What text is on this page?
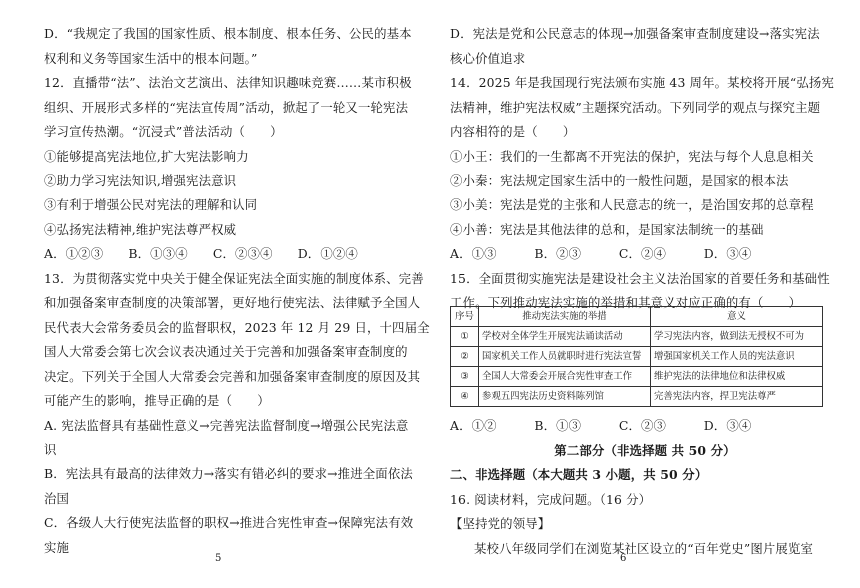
D．“我规定了我国的国家性质、根本制度、根本任务、公民的基本
权利和义务等国家生活中的根本问题。”
12．直播带“法”、法治文艺演出、法律知识趣味竞赛……某市积极
组织、开展形式多样的“宪法宣传周”活动，掀起了一轮又一轮宪法
学习宣传热潮。“沉浸式”普法活动（　　）
①能够提高宪法地位,扩大宪法影响力
②助力学习宪法知识,增强宪法意识
③有利于增强公民对宪法的理解和认同
④弘扬宪法精神,维护宪法尊严权威
A．①②③　　B．①③④　　C．②③④　　D．①②④
13．为贯彻落实党中央关于健全保证宪法全面实施的制度体系、完善
和加强备案审查制度的决策部署，更好地行使宪法、法律赋予全国人
民代表大会常务委员会的监督职权，2023 年 12 月 29 日，十四届全
国人大常委会第七次会议表决通过关于完善和加强备案审查制度的
决定。下列关于全国人大常委会完善和加强备案审查制度的原因及其
可能产生的影响，推导正确的是（　　）
A. 宪法监督具有基础性意义→完善宪法监督制度→增强公民宪法意
识
B．宪法具有最高的法律效力→落实有错必纠的要求→推进全面依法
治国
C．各级人大行使宪法监督的职权→推进合宪性审查→保障宪法有效
实施
5
工作。下列推动宪法实施的举措和其意义对应正确的有（　　）
15．全面贯彻实施宪法是建设社会主义法治国家的首要任务和基础性
A．①③　　　B．②③　　　C．②④　　　D．③④
④小善：宪法是其他法律的总和，是国家法制统一的基础
③小美：宪法是党的主张和人民意志的统一，是治国安邦的总章程
②小秦：宪法规定国家生活中的一般性问题，是国家的根本法
①小王：我们的一生都离不开宪法的保护，宪法与每个人息息相关
内容相符的是（　　）
法精神，维护宪法权威”主题探究活动。下列同学的观点与探究主题
14．2025 年是我国现行宪法颁布实施 43 周年。某校将开展“弘扬宪
核心价值追求
D．宪法是党和公民意志的体现→加强备案审查制度建设→落实宪法
序号	推动宪法实施的举措	意义
①	学校对全体学生开展宪法诵读活动	学习宪法内容，做到法无授权不可为
②	国家机关工作人员就职时进行宪法宣誓	增强国家机关工作人员的宪法意识
③	全国人大常委会开展合宪性审查工作	维护宪法的法律地位和法律权威
④	参观五四宪法历史资料陈列馆	完善宪法内容，捍卫宪法尊严
A．①②　　　B．①③　　　C．②③　　　D．③④
第二部分（非选择题 共 50 分）
二、非选择题（本大题共 3 小题，共 50 分）
16. 阅读材料，完成问题。（16 分）
【坚持党的领导】
某校八年级同学们在浏览某社区设立的“百年党史”图片展览室
6
